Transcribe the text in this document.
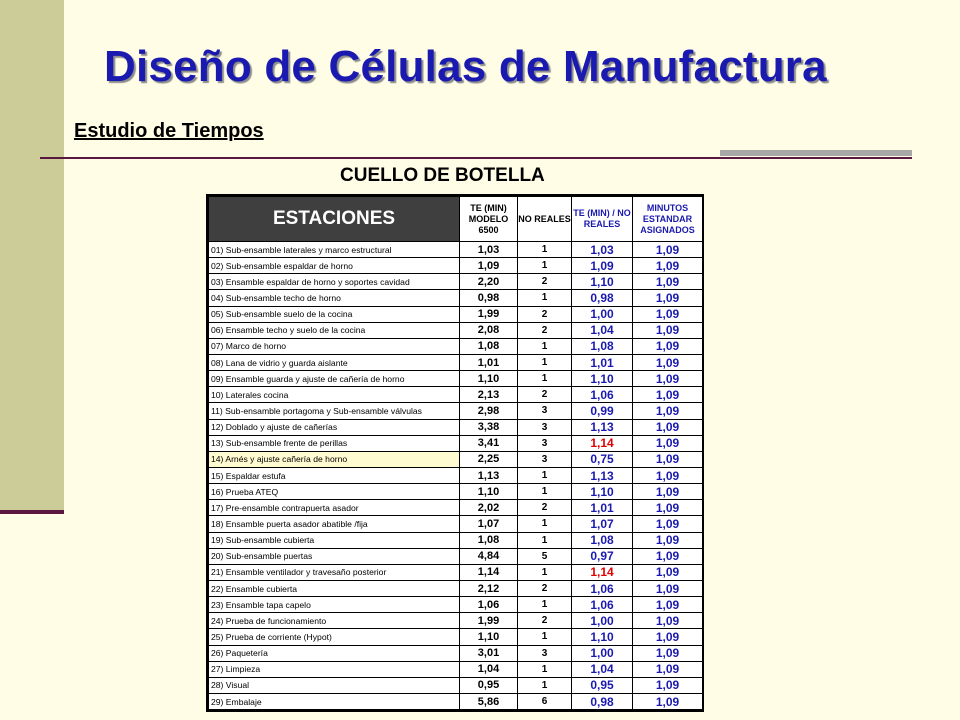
Diseño de Células de Manufactura
Estudio de Tiempos
CUELLO DE BOTELLA
ESTACIONES	TE (MIN) MODELO 6500	NO REALES	TE (MIN) / NO REALES	MINUTOS ESTANDAR ASIGNADOS
01) Sub-ensamble laterales y marco estructural	1,03	1	1,03	1,09
02) Sub-ensamble espaldar de horno	1,09	1	1,09	1,09
03) Ensamble espaldar de horno y soportes cavidad	2,20	2	1,10	1,09
04) Sub-ensamble techo de horno	0,98	1	0,98	1,09
05) Sub-ensamble suelo de la cocina	1,99	2	1,00	1,09
06) Ensamble techo y suelo de la cocina	2,08	2	1,04	1,09
07) Marco de horno	1,08	1	1,08	1,09
08) Lana de vidrio y guarda aislante	1,01	1	1,01	1,09
09) Ensamble guarda y ajuste de cañería de horno	1,10	1	1,10	1,09
10) Laterales cocina	2,13	2	1,06	1,09
11) Sub-ensamble portagoma y Sub-ensamble válvulas	2,98	3	0,99	1,09
12) Doblado y ajuste de cañerías	3,38	3	1,13	1,09
13) Sub-ensamble frente de perillas	3,41	3	1,14	1,09
14) Arnés y ajuste cañería de horno	2,25	3	0,75	1,09
15) Espaldar estufa	1,13	1	1,13	1,09
16) Prueba ATEQ	1,10	1	1,10	1,09
17) Pre-ensamble contrapuerta asador	2,02	2	1,01	1,09
18) Ensamble puerta asador abatible /fija	1,07	1	1,07	1,09
19) Sub-ensamble cubierta	1,08	1	1,08	1,09
20) Sub-ensamble puertas	4,84	5	0,97	1,09
21) Ensamble ventilador y travesaño posterior	1,14	1	1,14	1,09
22) Ensamble cubierta	2,12	2	1,06	1,09
23) Ensamble tapa capelo	1,06	1	1,06	1,09
24) Prueba de funcionamiento	1,99	2	1,00	1,09
25) Prueba de corriente (Hypot)	1,10	1	1,10	1,09
26) Paquetería	3,01	3	1,00	1,09
27) Limpieza	1,04	1	1,04	1,09
28) Visual	0,95	1	0,95	1,09
29) Embalaje	5,86	6	0,98	1,09
